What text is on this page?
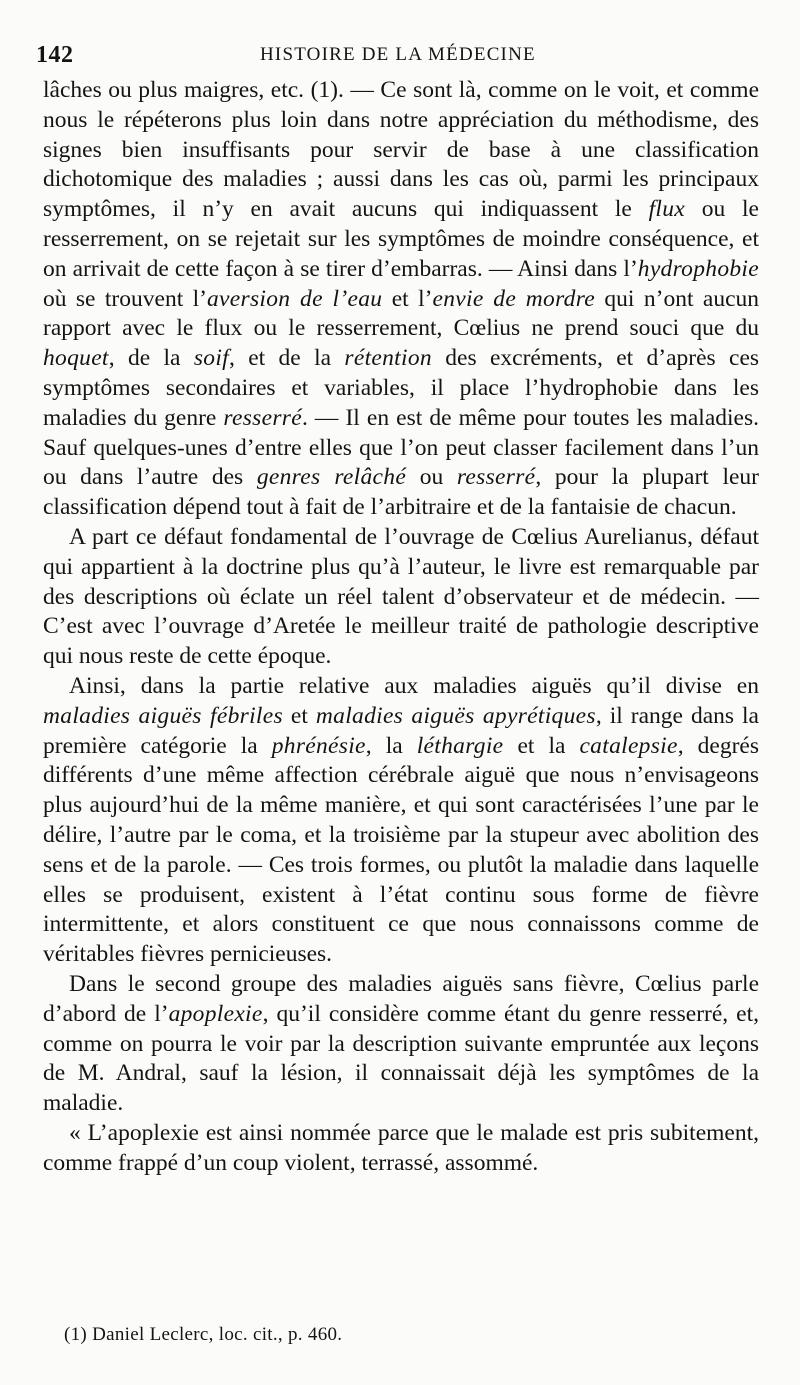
142	HISTOIRE DE LA MÉDECINE

lâches ou plus maigres, etc. (1). — Ce sont là, comme on le voit, et comme nous le répéterons plus loin dans notre appréciation du méthodisme, des signes bien insuffisants pour servir de base à une classification dichotomique des maladies ; aussi dans les cas où, parmi les principaux symptômes, il n’y en avait aucuns qui indiquassent le flux ou le resserrement, on se rejetait sur les symptômes de moindre conséquence, et on arrivait de cette façon à se tirer d’embarras. — Ainsi dans l’hydrophobie où se trouvent l’aversion de l’eau et l’envie de mordre qui n’ont aucun rapport avec le flux ou le resserrement, Cœlius ne prend souci que du hoquet, de la soif, et de la rétention des excréments, et d’après ces symptômes secondaires et variables, il place l’hydrophobie dans les maladies du genre resserré. — Il en est de même pour toutes les maladies. Sauf quelques-unes d’entre elles que l’on peut classer facilement dans l’un ou dans l’autre des genres relâché ou resserré, pour la plupart leur classification dépend tout à fait de l’arbitraire et de la fantaisie de chacun.

A part ce défaut fondamental de l’ouvrage de Cœlius Aurelianus, défaut qui appartient à la doctrine plus qu’à l’auteur, le livre est remarquable par des descriptions où éclate un réel talent d’observateur et de médecin. — C’est avec l’ouvrage d’Aretée le meilleur traité de pathologie descriptive qui nous reste de cette époque.

Ainsi, dans la partie relative aux maladies aiguës qu’il divise en maladies aiguës fébriles et maladies aiguës apyrétiques, il range dans la première catégorie la phrénésie, la léthargie et la catalepsie, degrés différents d’une même affection cérébrale aiguë que nous n’envisageons plus aujourd’hui de la même manière, et qui sont caractérisées l’une par le délire, l’autre par le coma, et la troisième par la stupeur avec abolition des sens et de la parole. — Ces trois formes, ou plutôt la maladie dans laquelle elles se produisent, existent à l’état continu sous forme de fièvre intermittente, et alors constituent ce que nous connaissons comme de véritables fièvres pernicieuses.

Dans le second groupe des maladies aiguës sans fièvre, Cœlius parle d’abord de l’apoplexie, qu’il considère comme étant du genre resserré, et, comme on pourra le voir par la description suivante empruntée aux leçons de M. Andral, sauf la lésion, il connaissait déjà les symptômes de la maladie.

« L’apoplexie est ainsi nommée parce que le malade est pris subitement, comme frappé d’un coup violent, terrassé, assommé.

(1) Daniel Leclerc, loc. cit., p. 460.
